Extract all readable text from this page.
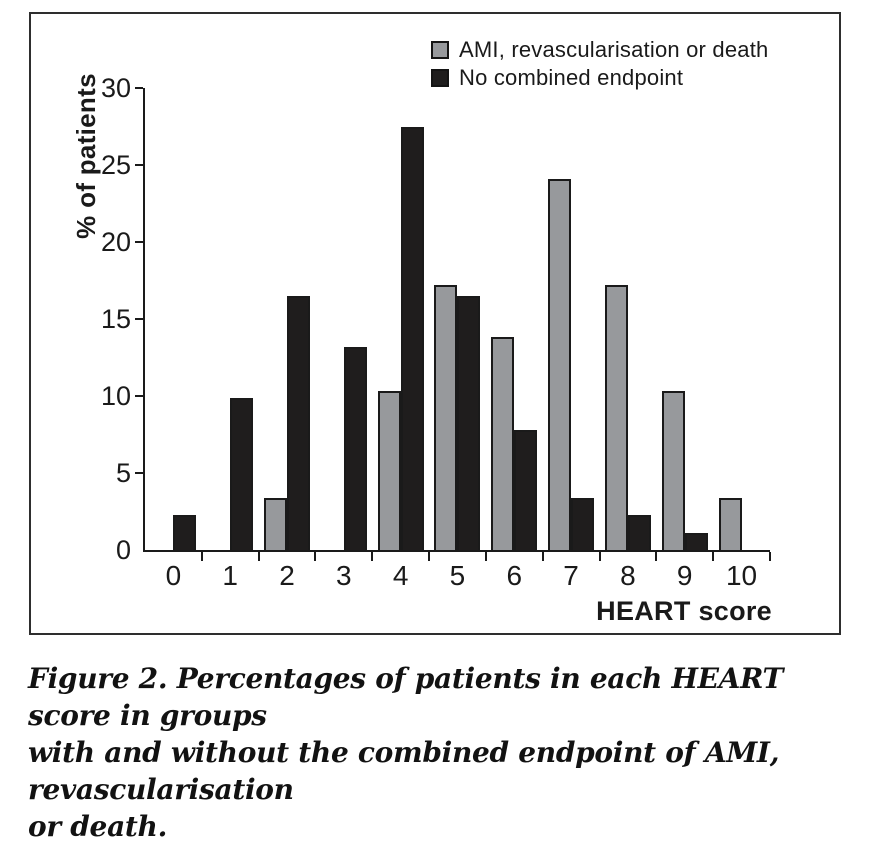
AMI, revascularisation or death
No combined endpoint
% of patients
0	1	2	3	4	5	6	7	8	9	10
HEART score
0
5
10
15
20
25
30
Figure 2. Percentages of patients in each HEART score in groups
with and without the combined endpoint of AMI, revascularisation
or death.
